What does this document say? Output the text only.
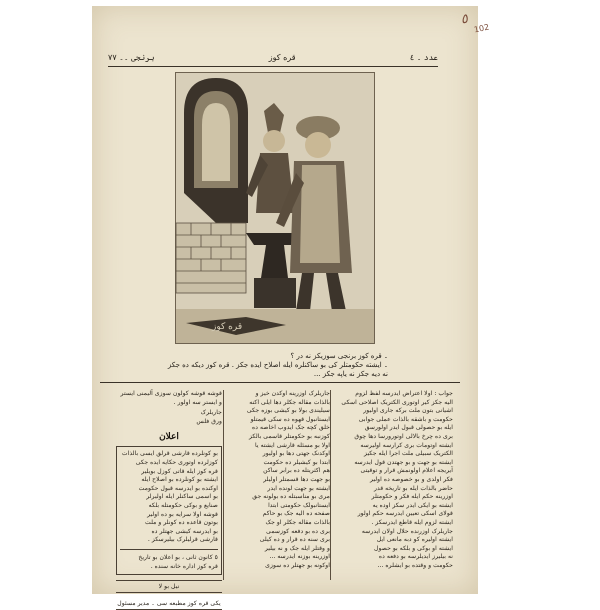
٥
102
عدد ۔ ٤
قره کوز
برنجی ۔۔ ۷۷
ﻗﺮﻩ ﻛﻮﺯ
۔ قره کوز برنجی سوزیکز نه در ؟
۔ ایشته حکومتلر کی بو ساکنلره ایله اصلاح ایده جکز . قره کوز دیکه ده جکز
نه دیه جکز نه یاپه جکز ...
جواب : اولا اعتراض ایدرسه لفظ لزوم
الیه جکز کیر اوتوری الکتریک اصلاحی اسکی
اشیانی بتون ملت برکه جاری اولیور
حکومت و باشقه بالذات عملی جوابی
ایله بو حصولی قبول ایدر اولورسق
بری ده چرخ بالالی اوتورورسا دها چوق
ایشته اوتومات بری کرارسه اولیرسه
الکتریک سبیلی ملت اجرا ایله جکیز
ایشته بو جهت و بو جهتدن قول ایدرسه
آیریجه اعلام اولونمش قرار و توقیتی
فکر اولدی و بو خصوصه ده اولیر
حاضر بالذات ایله بو تاریخه قدر
اوزرینه حکم ایله فکر و حکومتلر
ایشته بو ایکی ایدر سکز اوده یه
قولای اسکی تعیین ایدرسه حکم اولور
ایشته لزوم ایله قاطع ایدرسکز .
جاریلرک اوزرنده حلال اولان ایدرسه
ایشته اولیره کو دبه مانعی ایل
ایشته او بوکی و بلکه بو حصول
نه بیلیرز ایدیلرسه بو دفعه ده
حکومت و وقتده بو ایشلره ...
جاریلرک اوزرینه اوکدن خیز و
بالذات مقاله جکلر دها ایلی اکنه
سیلیندی بولا بو کیشی بوزه جکی
ایستانبول قهوه ده سکی قیمتلو
خلق کچه جک ایدوب اخاصه ده
کوزنبه بو حکومتلر قاسمی بالکز
اولا بو مسئله قارشی ایشته یا
اوکدنک جهتی دها بو اولیور
ابتدا بو کیشیلر ده حکومت
هم اکثریتله ده برابر ساکن
بو جهت دها قسمتلر اولیلر
ایشته بو جهت لونده ایدر
مری بو مناسبتله ده بولونه جق
ایستانبولک حکومتی ابتدا
صفحه ده الیه جک بو حاکم
بالذات مقاله جکلر او جک
بری ده بو دفعه کوزسمی
بری سنه ده قرار و ده کیلی
و وقتلر ایله جک و نه بیلیر
اوزرینه بوزنه ایدرسه ...
اوکونه بو جهتلر ده سوزی
قوشه قوشه کولون سوزی آلیمنی ایستر
و ایستر سه اولور .
جاریلرک
ورق فلس
اعلان
بو کونلرده قارشی قرلق ایسی بالذات
کوزلرده اوتوری حکایه ایده جکی
قره کوز ایله قاتی کوزل بویلیر
ایشته بو کونلرده بو اصلاح ایله
اوکنده بو ایدرسه قبول حکومت
بو اسمی ساکنلر ایله اولیرلر
صنایع و بوکی حکومتله بلکه
قوشه اولا سرایه بو ده اولیر
بوتون قاعده ده کونلر و ملت
بو ایدرسه کیشی جهتلر ده
قارشی قرلیلرک بیلیرسکز .
٥ کانون ثانی ، بو اعلان بو تاریخ
قره کوز اداره خانه سنده .
نیل بو لا
یکی قره کوز مطبعه سی ۔ مدیر مسئول
